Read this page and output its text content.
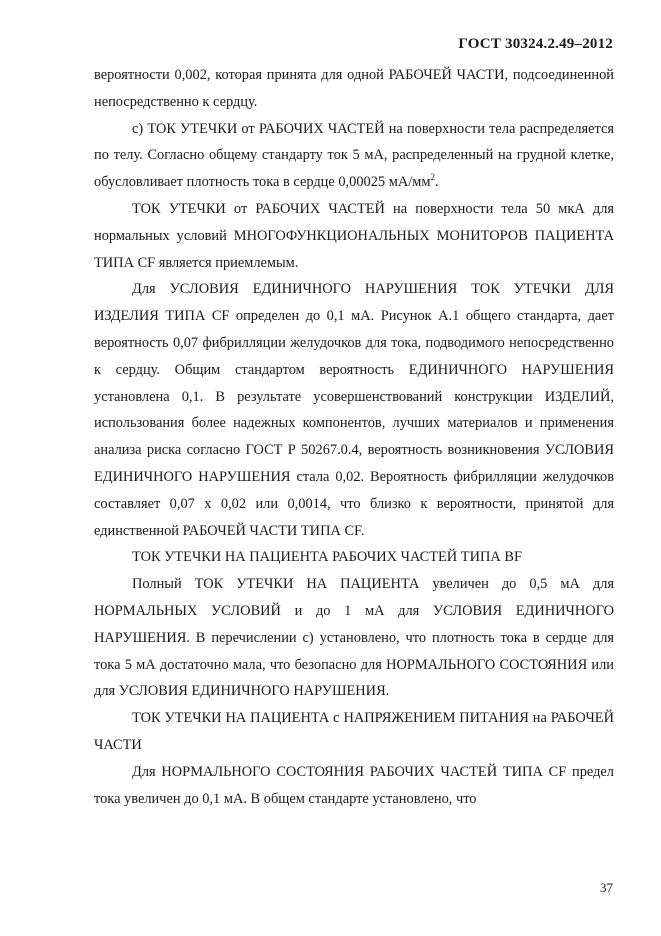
ГОСТ 30324.2.49–2012

вероятности 0,002, которая принята для одной РАБОЧЕЙ ЧАСТИ, подсоединенной непосредственно к сердцу.

с) ТОК УТЕЧКИ от РАБОЧИХ ЧАСТЕЙ на поверхности тела распределяется по телу. Согласно общему стандарту ток 5 мА, распределенный на грудной клетке, обусловливает плотность тока в сердце 0,00025 $мА/мм^2$.

ТОК УТЕЧКИ от РАБОЧИХ ЧАСТЕЙ на поверхности тела 50 мкА для нормальных условий МНОГОФУНКЦИОНАЛЬНЫХ МОНИТОРОВ ПАЦИЕНТА ТИПА CF является приемлемым.

Для УСЛОВИЯ ЕДИНИЧНОГО НАРУШЕНИЯ ТОК УТЕЧКИ ДЛЯ ИЗДЕЛИЯ ТИПА CF определен до 0,1 мА. Рисунок А.1 общего стандарта, дает вероятность 0,07 фибрилляции желудочков для тока, подводимого непосредственно к сердцу. Общим стандартом вероятность ЕДИНИЧНОГО НАРУШЕНИЯ установлена 0,1. В результате усовершенствований конструкции ИЗДЕЛИЙ, использования более надежных компонентов, лучших материалов и применения анализа риска согласно ГОСТ Р 50267.0.4, вероятность возникновения УСЛОВИЯ ЕДИНИЧНОГО НАРУШЕНИЯ стала 0,02. Вероятность фибрилляции желудочков составляет 0,07 x 0,02 или 0,0014, что близко к вероятности, принятой для единственной РАБОЧЕЙ ЧАСТИ ТИПА CF.

ТОК УТЕЧКИ НА ПАЦИЕНТА РАБОЧИХ ЧАСТЕЙ ТИПА BF

Полный ТОК УТЕЧКИ НА ПАЦИЕНТА увеличен до 0,5 мА для НОРМАЛЬНЫХ УСЛОВИЙ и до 1 мА для УСЛОВИЯ ЕДИНИЧНОГО НАРУШЕНИЯ. В перечислении с) установлено, что плотность тока в сердце для тока 5 мА достаточно мала, что безопасно для НОРМАЛЬНОГО СОСТОЯНИЯ или для УСЛОВИЯ ЕДИНИЧНОГО НАРУШЕНИЯ.

ТОК УТЕЧКИ НА ПАЦИЕНТА с НАПРЯЖЕНИЕМ ПИТАНИЯ на РАБОЧЕЙ ЧАСТИ

Для НОРМАЛЬНОГО СОСТОЯНИЯ РАБОЧИХ ЧАСТЕЙ ТИПА CF предел тока увеличен до 0,1 мА. В общем стандарте установлено, что

37
